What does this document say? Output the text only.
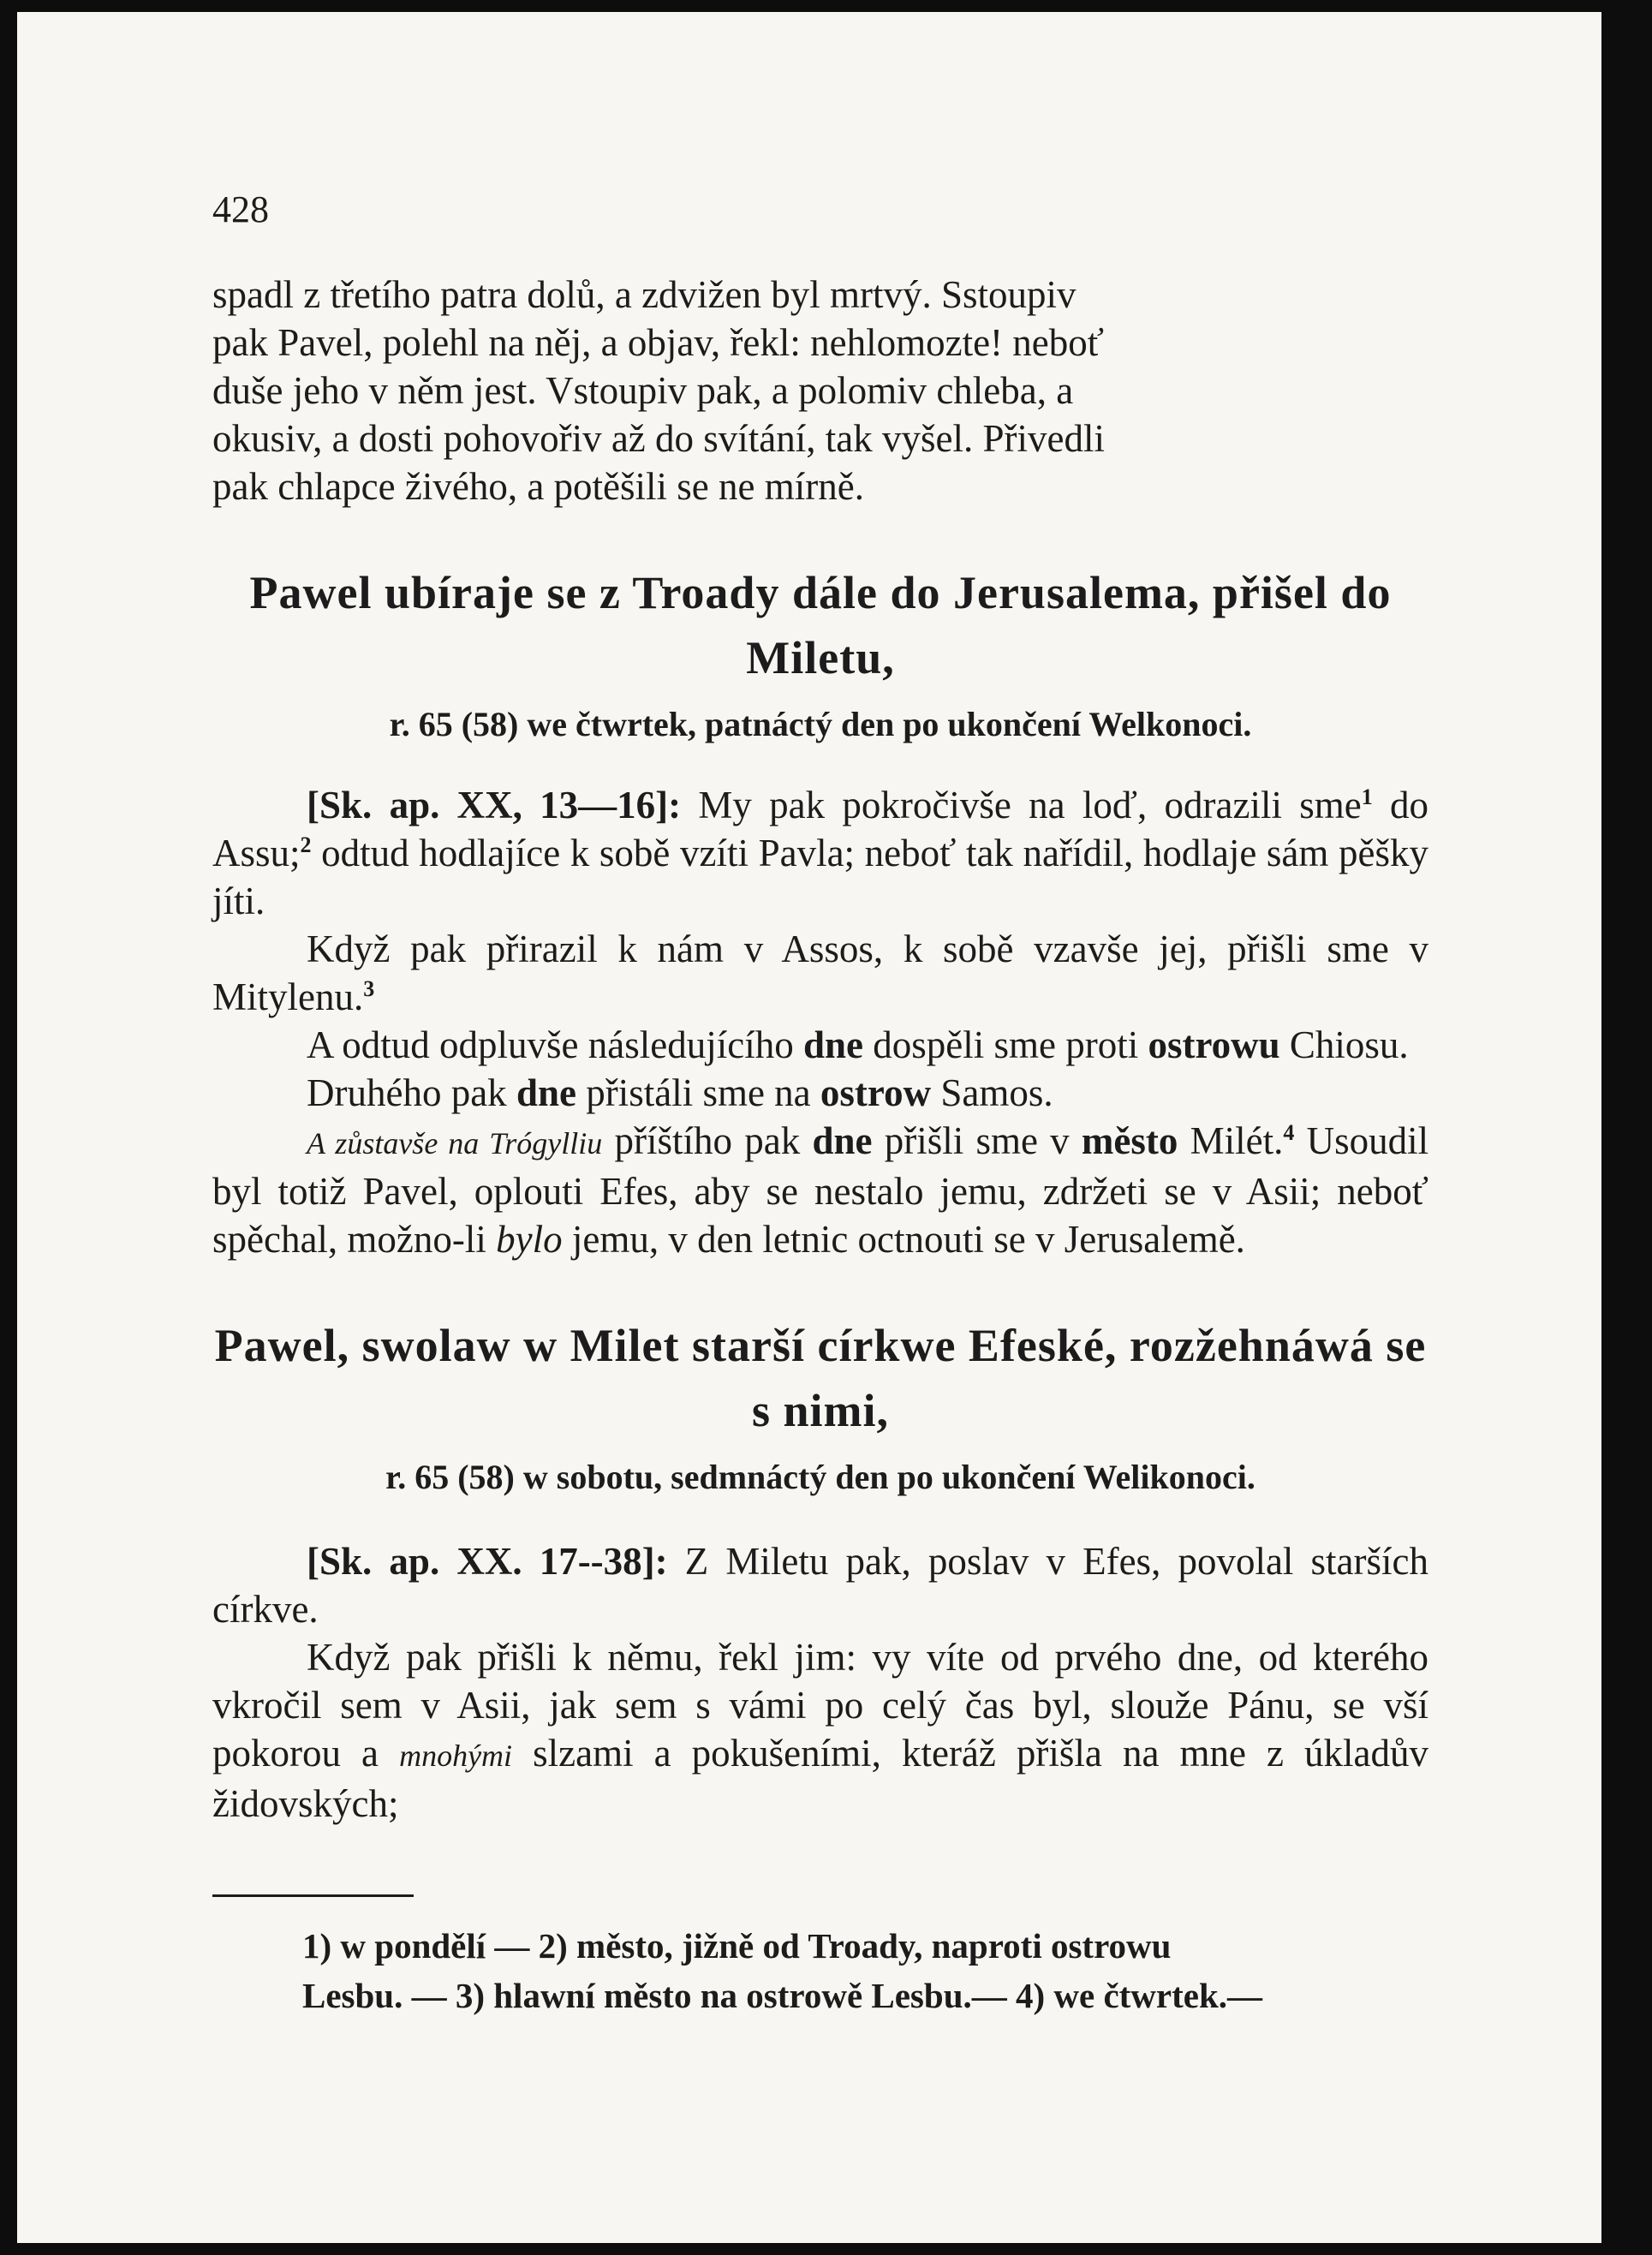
428

spadl z třetího patra dolů, a zdvižen byl mrtvý. Sstoupiv

pak Pavel, polehl na něj, a objav, řekl: nehlomozte! neboť

duše jeho v něm jest. Vstoupiv pak, a polomiv chleba, a

okusiv, a dosti pohovořiv až do svítání, tak vyšel. Přivedli

pak chlapce živého, a potěšili se ne mírně.

Pawel ubíraje se z Troady dále do Jerusalema, přišel do Miletu,
r. 65 (58) we čtwrtek, patnáctý den po ukončení Welkonoci.

[Sk. ap. XX, 13—16]: My pak pokročivše na loď, odrazili sme$^1$ do Assu;$^2$ odtud hodlajíce k sobě vzíti Pavla; neboť tak nařídil, hodlaje sám pěšky jíti.

Když pak přirazil k nám v Assos, k sobě vzavše jej, přišli sme v Mitylenu.$^3$

A odtud odpluvše následujícího dne dospěli sme proti ostrowu Chiosu.

Druhého pak dne přistáli sme na ostrow Samos.

A zůstavše na Trógylliu příštího pak dne přišli sme v město Milét.$^4$ Usoudil byl totiž Pavel, oplouti Efes, aby se nestalo jemu, zdržeti se v Asii; neboť spěchal, možno-li bylo jemu, v den letnic octnouti se v Jerusalemě.

Pawel, swolaw w Milet starší církwe Efeské, rozžehnáwá se s nimi,
r. 65 (58) w sobotu, sedmnáctý den po ukončení Welikonoci.

[Sk. ap. XX. 17--38]: Z Miletu pak, poslav v Efes, povolal starších církve.

Když pak přišli k němu, řekl jim: vy víte od prvého dne, od kterého vkročil sem v Asii, jak sem s vámi po celý čas byl, slouže Pánu, se vší pokorou a mnohými slzami a pokušeními, kteráž přišla na mne z úkladův židovských;

1) w pondělí — 2) město, jižně od Troady, naproti ostrowu
Lesbu. — 3) hlawní město na ostrowě Lesbu.— 4) we čtwrtek.—
